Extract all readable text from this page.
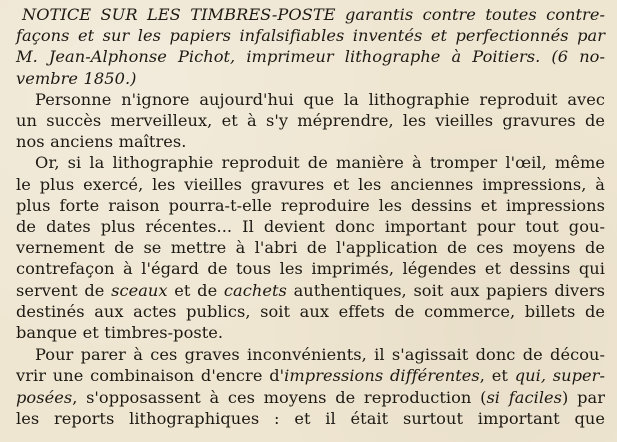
NOTICE SUR LES TIMBRES-POSTE garantis contre toutes contre-
façons et sur les papiers infalsifiables inventés et perfectionnés par
M. Jean-Alphonse Pichot, imprimeur lithographe à Poitiers. (6 no-
vembre 1850.)
Personne n'ignore aujourd'hui que la lithographie reproduit avec
un succès merveilleux, et à s'y méprendre, les vieilles gravures de
nos anciens maîtres.
Or, si la lithographie reproduit de manière à tromper l'œil, même
le plus exercé, les vieilles gravures et les anciennes impressions, à
plus forte raison pourra-t-elle reproduire les dessins et impressions
de dates plus récentes... Il devient donc important pour tout gou-
vernement de se mettre à l'abri de l'application de ces moyens de
contrefaçon à l'égard de tous les imprimés, légendes et dessins qui
servent de sceaux et de cachets authentiques, soit aux papiers divers
destinés aux actes publics, soit aux effets de commerce, billets de
banque et timbres-poste.
Pour parer à ces graves inconvénients, il s'agissait donc de décou-
vrir une combinaison d'encre d'impressions différentes, et qui, super-
posées, s'opposassent à ces moyens de reproduction (si faciles) par
les reports lithographiques : et il était surtout important que
